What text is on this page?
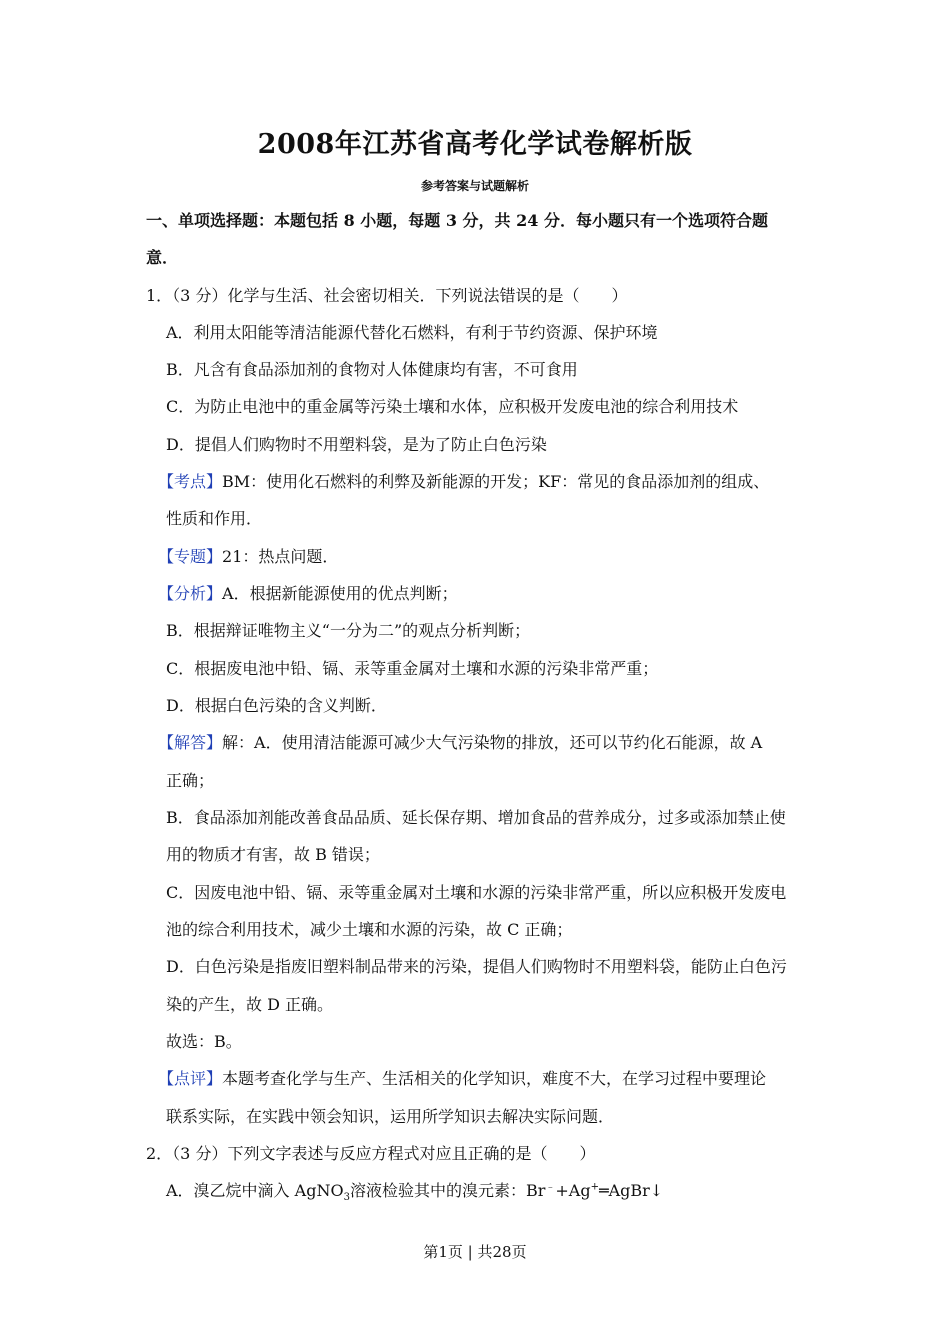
2008年江苏省高考化学试卷解析版
参考答案与试题解析
一、单项选择题：本题包括 8 小题，每题 3 分，共 24 分．每小题只有一个选项符合题
意．
1．（3 分）化学与生活、社会密切相关．下列说法错误的是（　　）
A．利用太阳能等清洁能源代替化石燃料，有利于节约资源、保护环境
B．凡含有食品添加剂的食物对人体健康均有害，不可食用
C．为防止电池中的重金属等污染土壤和水体，应积极开发废电池的综合利用技术
D．提倡人们购物时不用塑料袋，是为了防止白色污染
【考点】BM：使用化石燃料的利弊及新能源的开发；KF：常见的食品添加剂的组成、
性质和作用．
【专题】21：热点问题．
【分析】A．根据新能源使用的优点判断；
B．根据辩证唯物主义“一分为二”的观点分析判断；
C．根据废电池中铅、镉、汞等重金属对土壤和水源的污染非常严重；
D．根据白色污染的含义判断．
【解答】解：A．使用清洁能源可减少大气污染物的排放，还可以节约化石能源，故 A
正确；
B．食品添加剂能改善食品品质、延长保存期、增加食品的营养成分，过多或添加禁止使
用的物质才有害，故 B 错误；
C．因废电池中铅、镉、汞等重金属对土壤和水源的污染非常严重，所以应积极开发废电
池的综合利用技术，减少土壤和水源的污染，故 C 正确；
D．白色污染是指废旧塑料制品带来的污染，提倡人们购物时不用塑料袋，能防止白色污
染的产生，故 D 正确。
故选：B。
【点评】本题考查化学与生产、生活相关的化学知识，难度不大，在学习过程中要理论
联系实际，在实践中领会知识，运用所学知识去解决实际问题．
2．（3 分）下列文字表述与反应方程式对应且正确的是（　　）
A．溴乙烷中滴入 AgNO$_3$溶液检验其中的溴元素：Br﹣+Ag+═AgBr↓
第1页 | 共28页
